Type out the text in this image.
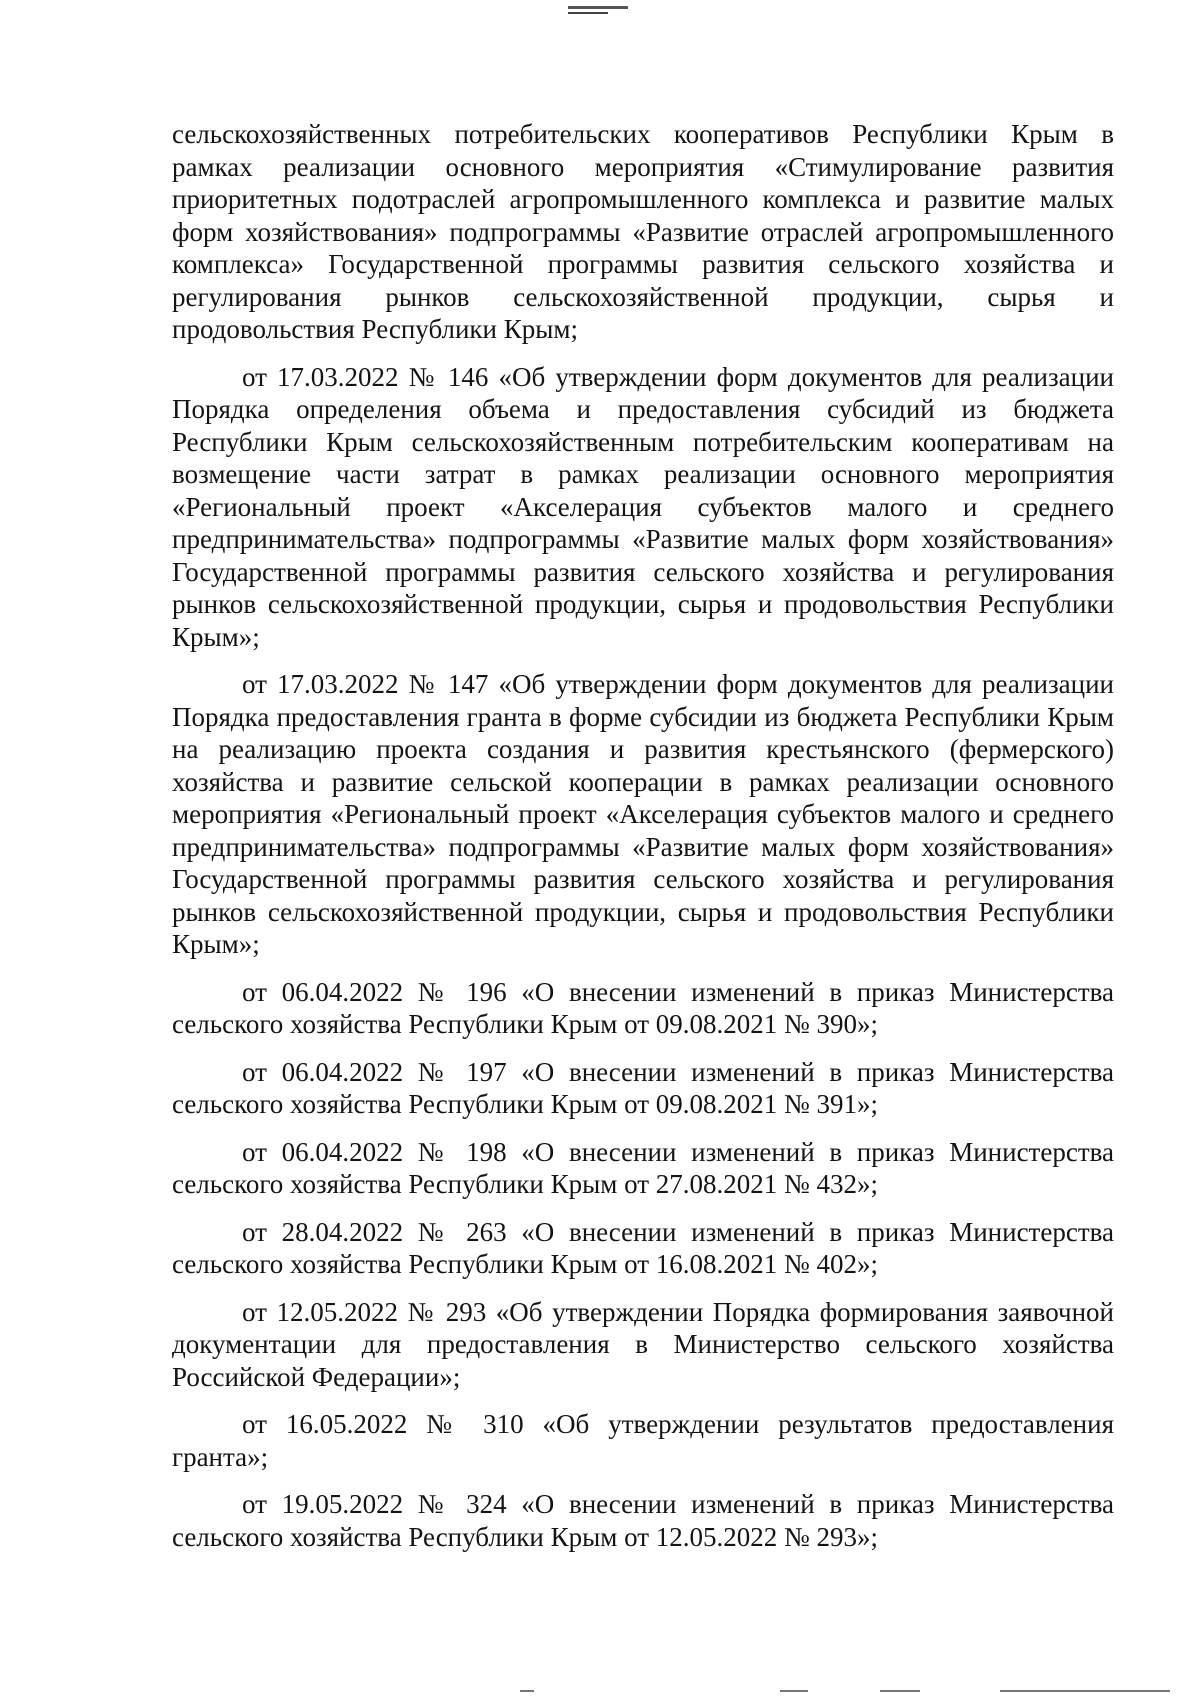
сельскохозяйственных потребительских кооперативов Республики Крым в рамках реализации основного мероприятия «Стимулирование развития приоритетных подотраслей агропромышленного комплекса и развитие малых форм хозяйствования» подпрограммы «Развитие отраслей агропромышленного комплекса» Государственной программы развития сельского хозяйства и регулирования рынков сельскохозяйственной продукции, сырья и продовольствия Республики Крым;

от 17.03.2022 № 146 «Об утверждении форм документов для реализации Порядка определения объема и предоставления субсидий из бюджета Республики Крым сельскохозяйственным потребительским кооперативам на возмещение части затрат в рамках реализации основного мероприятия «Региональный проект «Акселерация субъектов малого и среднего предпринимательства» подпрограммы «Развитие малых форм хозяйствования» Государственной программы развития сельского хозяйства и регулирования рынков сельскохозяйственной продукции, сырья и продовольствия Республики Крым»;

от 17.03.2022 № 147 «Об утверждении форм документов для реализации Порядка предоставления гранта в форме субсидии из бюджета Республики Крым на реализацию проекта создания и развития крестьянского (фермерского) хозяйства и развитие сельской кооперации в рамках реализации основного мероприятия «Региональный проект «Акселерация субъектов малого и среднего предпринимательства» подпрограммы «Развитие малых форм хозяйствования» Государственной программы развития сельского хозяйства и регулирования рынков сельскохозяйственной продукции, сырья и продовольствия Республики Крым»;

от 06.04.2022 № 196 «О внесении изменений в приказ Министерства сельского хозяйства Республики Крым от 09.08.2021 № 390»;

от 06.04.2022 № 197 «О внесении изменений в приказ Министерства сельского хозяйства Республики Крым от 09.08.2021 № 391»;

от 06.04.2022 № 198 «О внесении изменений в приказ Министерства сельского хозяйства Республики Крым от 27.08.2021 № 432»;

от 28.04.2022 № 263 «О внесении изменений в приказ Министерства сельского хозяйства Республики Крым от 16.08.2021 № 402»;

от 12.05.2022 № 293 «Об утверждении Порядка формирования заявочной документации для предоставления в Министерство сельского хозяйства Российской Федерации»;

от 16.05.2022 № 310 «Об утверждении результатов предоставления гранта»;

от 19.05.2022 № 324 «О внесении изменений в приказ Министерства сельского хозяйства Республики Крым от 12.05.2022 № 293»;
